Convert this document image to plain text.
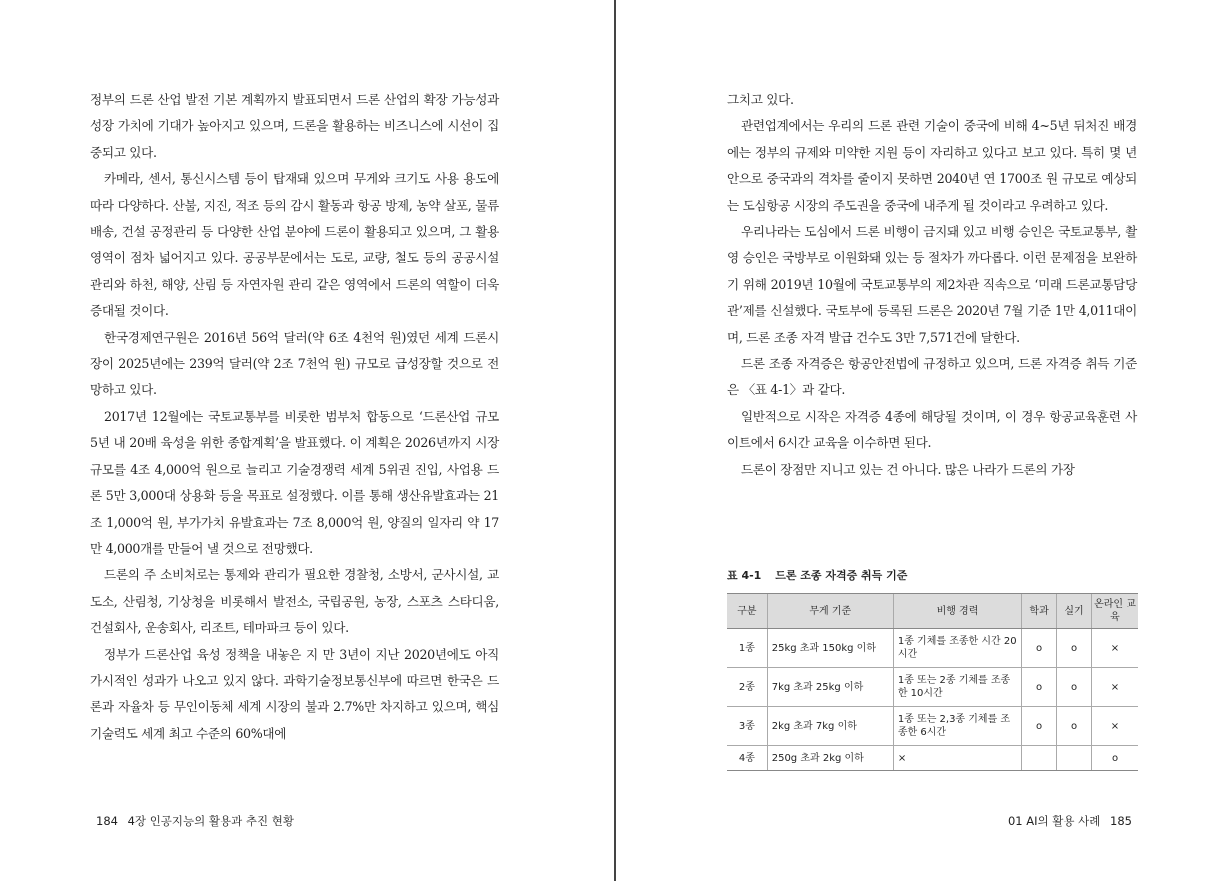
정부의 드론 산업 발전 기본 계획까지 발표되면서 드론 산업의 확장 가능성과 성장 가치에 기대가 높아지고 있으며, 드론을 활용하는 비즈니스에 시선이 집중되고 있다.

카메라, 센서, 통신시스템 등이 탑재돼 있으며 무게와 크기도 사용 용도에 따라 다양하다. 산불, 지진, 적조 등의 감시 활동과 항공 방제, 농약 살포, 물류 배송, 건설 공정관리 등 다양한 산업 분야에 드론이 활용되고 있으며, 그 활용 영역이 점차 넓어지고 있다. 공공부문에서는 도로, 교량, 철도 등의 공공시설 관리와 하천, 해양, 산림 등 자연자원 관리 같은 영역에서 드론의 역할이 더욱 증대될 것이다.

한국경제연구원은 2016년 56억 달러(약 6조 4천억 원)였던 세계 드론시장이 2025년에는 239억 달러(약 2조 7천억 원) 규모로 급성장할 것으로 전망하고 있다.

2017년 12월에는 국토교통부를 비롯한 범부처 합동으로 ‘드론산업 규모 5년 내 20배 육성을 위한 종합계획’을 발표했다. 이 계획은 2026년까지 시장규모를 4조 4,000억 원으로 늘리고 기술경쟁력 세계 5위권 진입, 사업용 드론 5만 3,000대 상용화 등을 목표로 설정했다. 이를 통해 생산유발효과는 21조 1,000억 원, 부가가치 유발효과는 7조 8,000억 원, 양질의 일자리 약 17만 4,000개를 만들어 낼 것으로 전망했다.

드론의 주 소비처로는 통제와 관리가 필요한 경찰청, 소방서, 군사시설, 교도소, 산림청, 기상청을 비롯해서 발전소, 국립공원, 농장, 스포츠 스타디움, 건설회사, 운송회사, 리조트, 테마파크 등이 있다.

정부가 드론산업 육성 정책을 내놓은 지 만 3년이 지난 2020년에도 아직 가시적인 성과가 나오고 있지 않다. 과학기술정보통신부에 따르면 한국은 드론과 자율차 등 무인이동체 세계 시장의 불과 2.7%만 차지하고 있으며, 핵심 기술력도 세계 최고 수준의 60%대에

184 4장 인공지능의 활용과 추진 현황

그치고 있다.

관련업계에서는 우리의 드론 관련 기술이 중국에 비해 4~5년 뒤처진 배경에는 정부의 규제와 미약한 지원 등이 자리하고 있다고 보고 있다. 특히 몇 년 안으로 중국과의 격차를 줄이지 못하면 2040년 연 1700조 원 규모로 예상되는 도심항공 시장의 주도권을 중국에 내주게 될 것이라고 우려하고 있다.

우리나라는 도심에서 드론 비행이 금지돼 있고 비행 승인은 국토교통부, 촬영 승인은 국방부로 이원화돼 있는 등 절차가 까다롭다. 이런 문제점을 보완하기 위해 2019년 10월에 국토교통부의 제2차관 직속으로 ‘미래 드론교통담당관’제를 신설했다. 국토부에 등록된 드론은 2020년 7월 기준 1만 4,011대이며, 드론 조종 자격 발급 건수도 3만 7,571건에 달한다.

드론 조종 자격증은 항공안전법에 규정하고 있으며, 드론 자격증 취득 기준은 〈표 4-1〉과 같다.

일반적으로 시작은 자격증 4종에 해당될 것이며, 이 경우 항공교육훈련 사이트에서 6시간 교육을 이수하면 된다.

드론이 장점만 지니고 있는 건 아니다. 많은 나라가 드론의 가장

표 4-1 드론 조종 자격증 취득 기준
구분	무게 기준	비행 경력	학과	실기	온라인 교육
1종	25kg 초과 150kg 이하	1종 기체를 조종한 시간 20시간	o	o	×
2종	7kg 초과 25kg 이하	1종 또는 2종 기체를 조종한 10시간	o	o	×
3종	2kg 초과 7kg 이하	1종 또는 2,3종 기체를 조종한 6시간	o	o	×
4종	250g 초과 2kg 이하	×			o
01 AI의 활용 사례 185
